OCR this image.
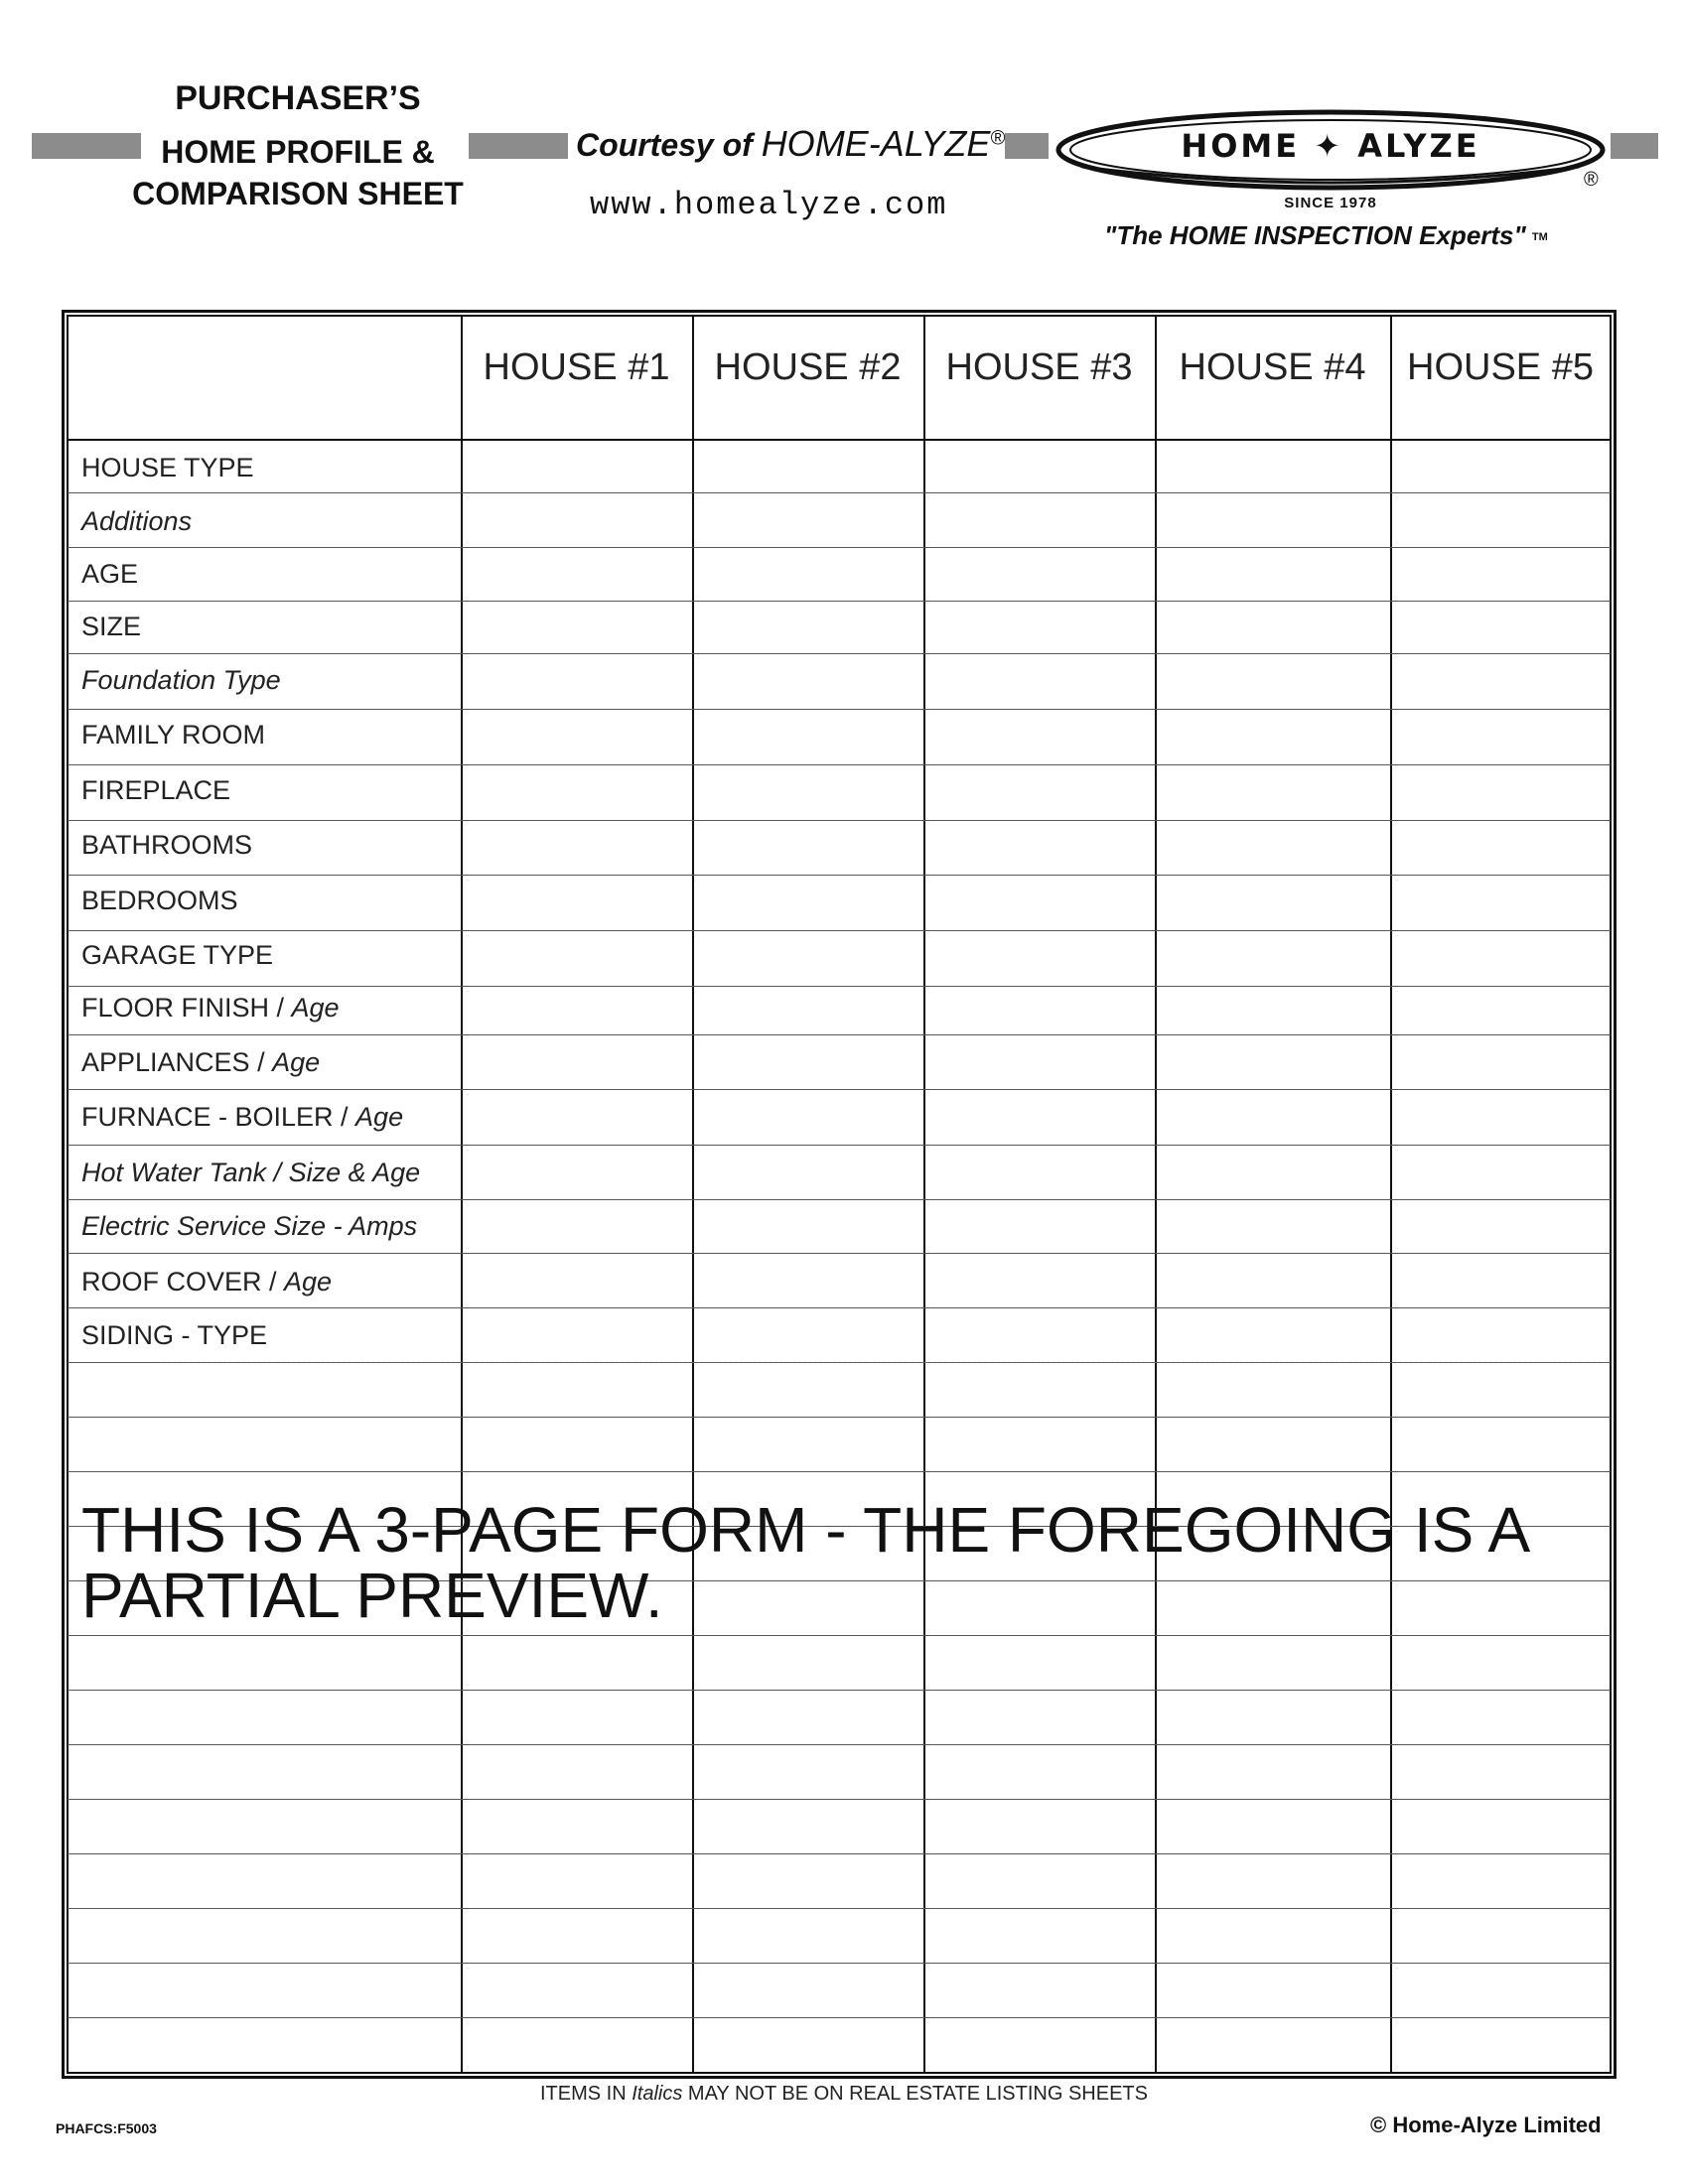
PURCHASER’S
HOME PROFILE &
COMPARISON SHEET
Courtesy of HOME-ALYZE®
www.homealyze.com
HOME ✦ ALYZE
®
SINCE 1978
"The HOME INSPECTION Experts" TM
HOUSE #1	HOUSE #2	HOUSE #3	HOUSE #4	HOUSE #5
HOUSE TYPE
Additions
AGE
SIZE
Foundation Type
FAMILY ROOM
FIREPLACE
BATHROOMS
BEDROOMS
GARAGE TYPE
FLOOR FINISH / Age
APPLIANCES / Age
FURNACE - BOILER / Age
Hot Water Tank / Size & Age
Electric Service Size - Amps
ROOF COVER / Age
SIDING - TYPE
THIS IS A 3-PAGE FORM - THE FOREGOING IS A PARTIAL PREVIEW.
ITEMS IN Italics MAY NOT BE ON REAL ESTATE LISTING SHEETS
PHAFCS:F5003	© Home-Alyze Limited
